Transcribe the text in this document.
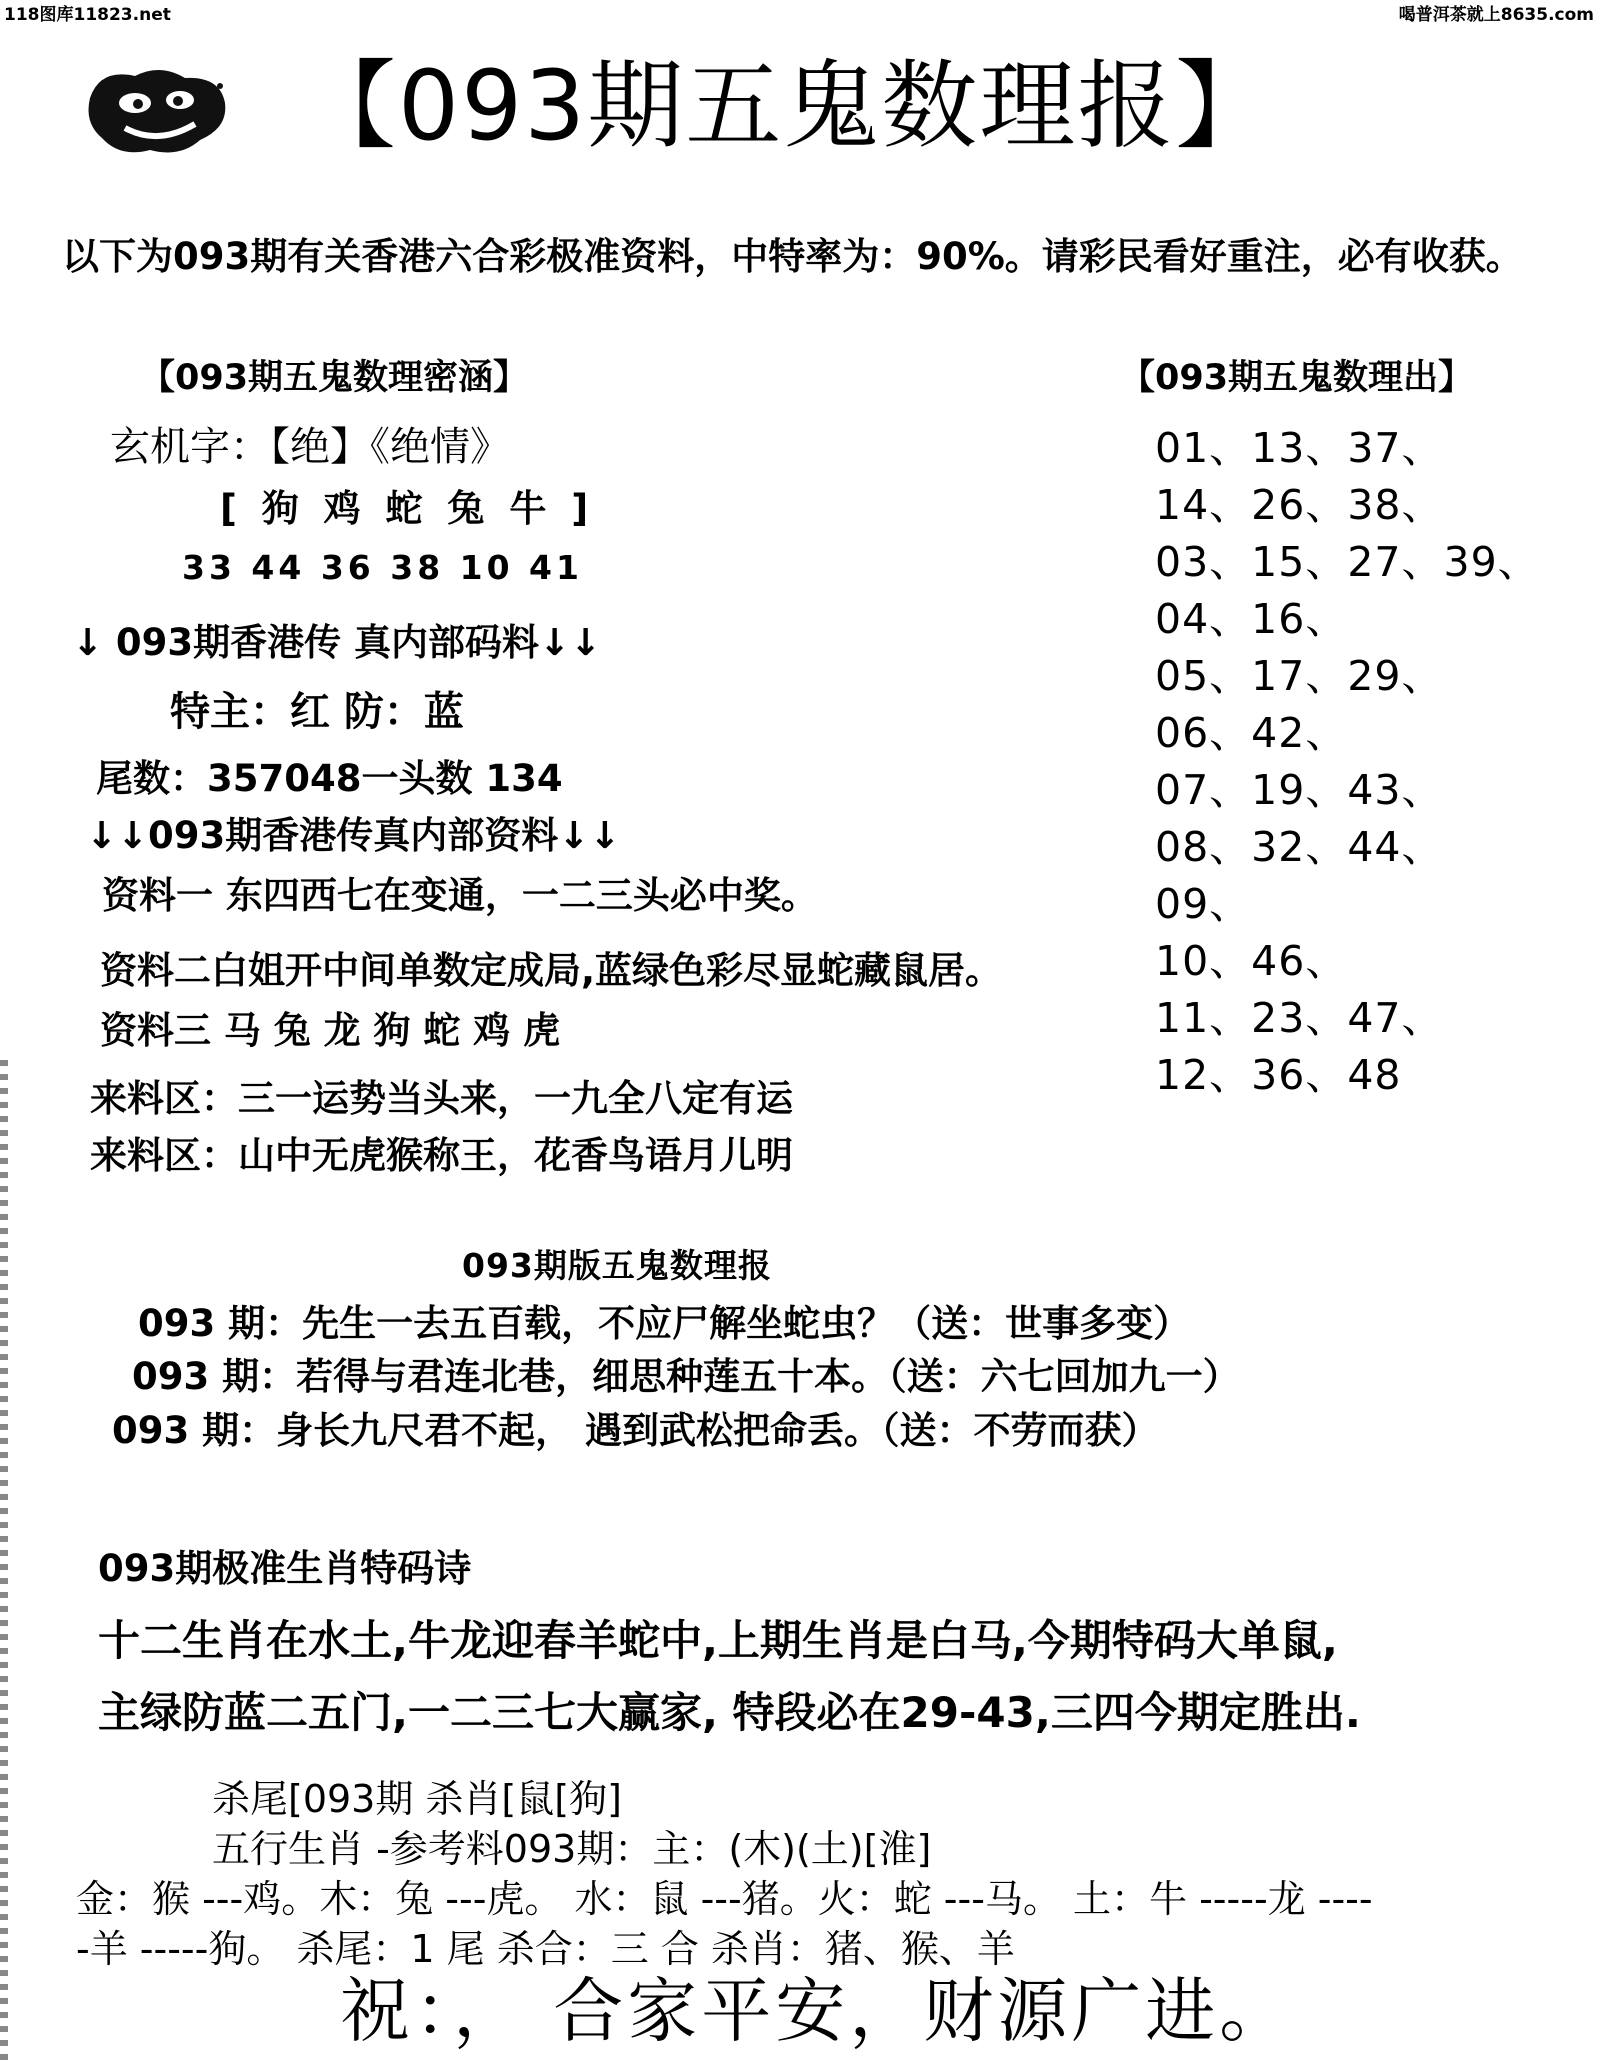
118图库11823.net	喝普洱茶就上8635.com
【093期五鬼数理报】
以下为093期有关香港六合彩极准资料，中特率为：90%。请彩民看好重注，必有收获。
【093期五鬼数理密涵】
玄机字：【绝】《绝情》
[ 狗 鸡 蛇 兔 牛 ]
33 44 36 38 10 41
↓ 093期香港传 真内部码料↓↓
特主：红 防：蓝
尾数：357048一头数 134
↓↓093期香港传真内部资料↓↓
资料一 东四西七在变通，一二三头必中奖。
资料二白姐开中间单数定成局,蓝绿色彩尽显蛇藏鼠居。
资料三 马 兔 龙 狗 蛇 鸡 虎
来料区：三一运势当头来，一九全八定有运
来料区：山中无虎猴称王，花香鸟语月儿明
【093期五鬼数理出】
01、13、37、
14、26、38、
03、15、27、39、
04、16、
05、17、29、
06、42、
07、19、43、
08、32、44、
09、
10、46、
11、23、47、
12、36、48
093期版五鬼数理报
093 期：先生一去五百载，不应尸解坐蛇虫？（送：世事多变）
093 期：若得与君连北巷，细思种莲五十本。（送：六七回加九一）
093 期：身长九尺君不起， 遇到武松把命丢。（送：不劳而获）
093期极准生肖特码诗
十二生肖在水土,牛龙迎春羊蛇中,上期生肖是白马,今期特码大单鼠,
主绿防蓝二五门,一二三七大赢家, 特段必在29-43,三四今期定胜出.
杀尾[093期 杀肖[鼠[狗]
五行生肖 -参考料093期：主：(木)(土)[淮]
金：猴 ---鸡。木：兔 ---虎。 水：鼠 ---猪。火：蛇 ---马。 土：牛 -----龙 ----
-羊 -----狗。 杀尾：1 尾 杀合：三 合 杀肖：猪、猴、羊
祝：， 合家平安，财源广进。
